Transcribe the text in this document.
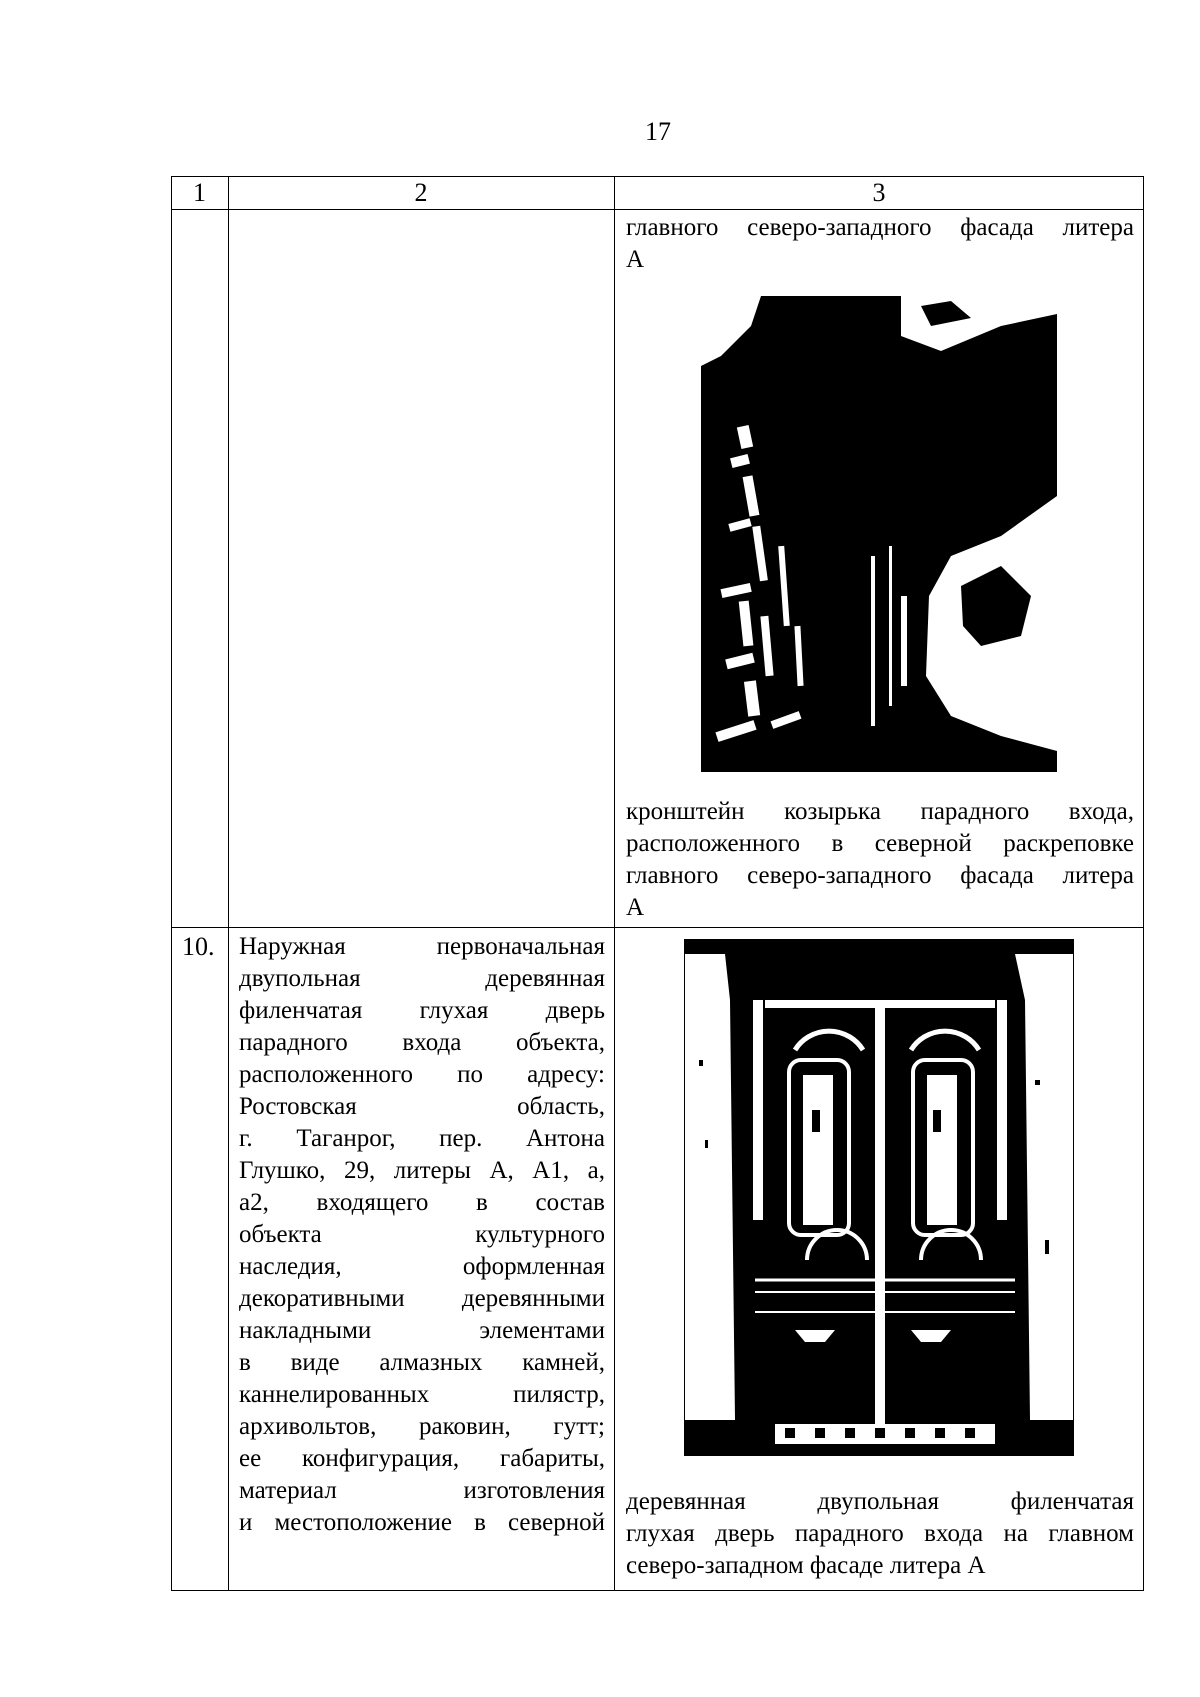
17
1	2	3
главного северо-западного фасада литера
А
кронштейн козырька парадного входа,
расположенного в северной раскреповке
главного северо-западного фасада литера
А
10. Наружная первоначальная
двупольная деревянная
филенчатая глухая дверь
парадного входа объекта,
расположенного по адресу:
Ростовская область,
г. Таганрог, пер. Антона
Глушко, 29, литеры А, А1, а,
а2, входящего в состав
объекта культурного
наследия, оформленная
декоративными деревянными
накладными элементами
в виде алмазных камней,
каннелированных пилястр,
архивольтов, раковин, гутт;
ее конфигурация, габариты,
материал изготовления
и местоположение в северной
деревянная двупольная филенчатая
глухая дверь парадного входа на главном
северо-западном фасаде литера А
